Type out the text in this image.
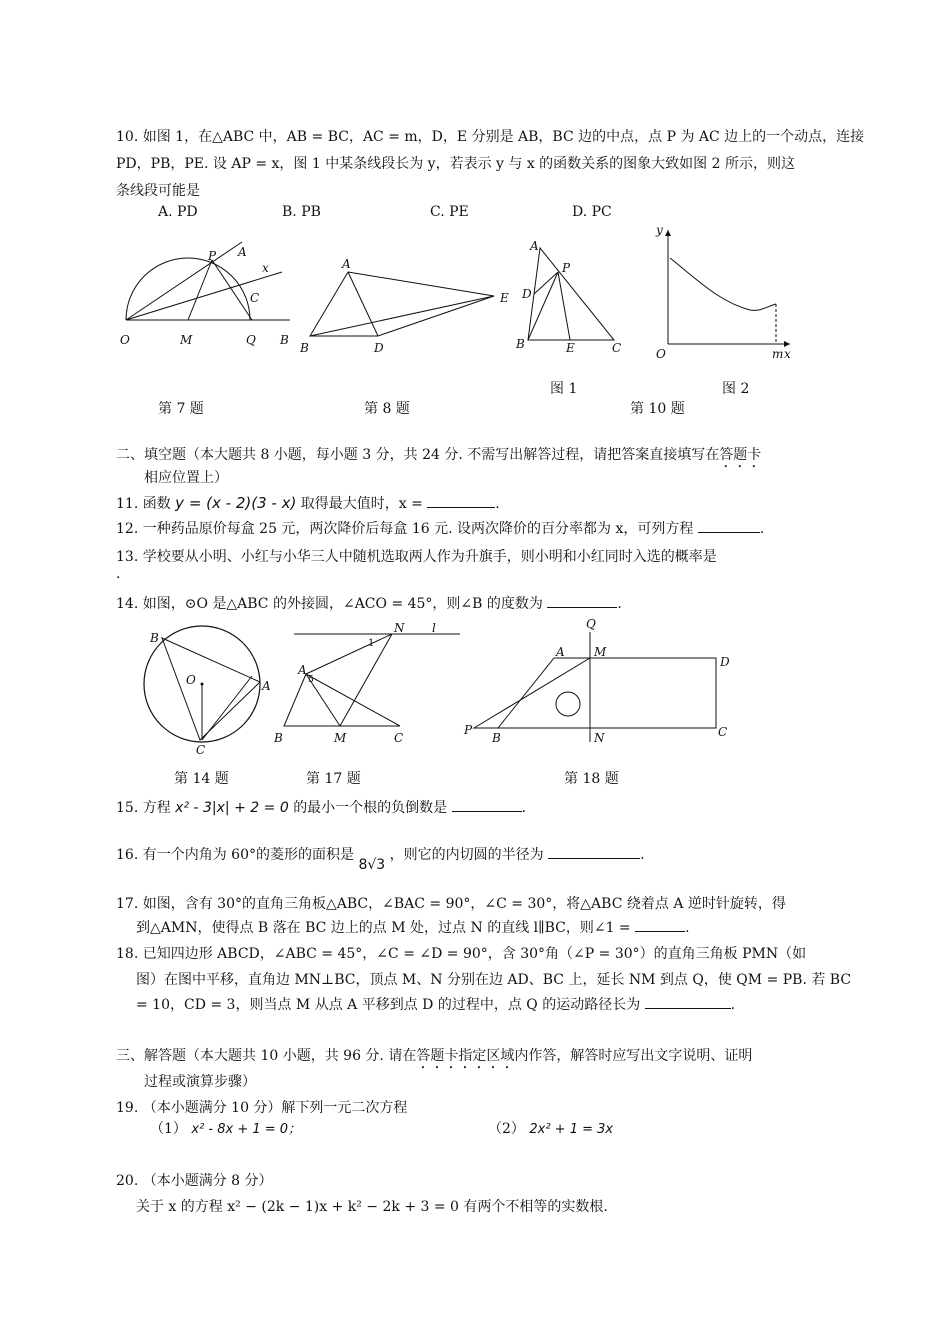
10. 如图 1，在△ABC 中，AB = BC，AC = m，D，E 分别是 AB，BC 边的中点，点 P 为 AC 边上的一个动点，连接
PD，PB，PE. 设 AP = x，图 1 中某条线段长为 y，若表示 y 与 x 的函数关系的图象大致如图 2 所示，则这
条线段可能是
A. PD	B. PB	C. PE	D. PC
A
P
x
C
O	M	Q B
A
E
B	D
A
P
D
B	E	C
y
O	m x
图 1	图 2
第 7 题	第 8 题	第 10 题
二、填空题（本大题共 8 小题，每小题 3 分，共 24 分. 不需写出解答过程，请把答案直接填写在答题卡
相应位置上）
11. 函数 y = (x - 2)(3 - x) 取得最大值时，x =	.
12. 一种药品原价每盒 25 元，两次降价后每盒 16 元. 设两次降价的百分率都为 x，可列方程	.
13. 学校要从小明、小红与小华三人中随机选取两人作为升旗手，则小明和小红同时入选的概率是
.
14. 如图，⊙O 是△ABC 的外接圆，∠ACO = 45°，则∠B 的度数为	.
B
O	A
C
N l
1
A
5
B	M	C
Q
A M
D
P
B	N	C
第 14 题	第 17 题	第 18 题
15. 方程 x² - 3|x| + 2 = 0 的最小一个根的负倒数是	.
16. 有一个内角为 60°的菱形的面积是 8√3 ，则它的内切圆的半径为	.
17. 如图，含有 30°的直角三角板△ABC，∠BAC = 90°，∠C = 30°，将△ABC 绕着点 A 逆时针旋转，得
到△AMN，使得点 B 落在 BC 边上的点 M 处，过点 N 的直线 l∥BC，则∠1 =	.
18. 已知四边形 ABCD，∠ABC = 45°，∠C = ∠D = 90°，含 30°角（∠P = 30°）的直角三角板 PMN（如
图）在图中平移，直角边 MN⊥BC，顶点 M、N 分别在边 AD、BC 上，延长 NM 到点 Q，使 QM = PB. 若 BC
= 10，CD = 3，则当点 M 从点 A 平移到点 D 的过程中，点 Q 的运动路径长为	.
三、解答题（本大题共 10 小题，共 96 分. 请在答题卡指定区域内作答，解答时应写出文字说明、证明
过程或演算步骤）
19. （本小题满分 10 分）解下列一元二次方程
（1） x² - 8x + 1 = 0；	（2） 2x² + 1 = 3x
20. （本小题满分 8 分）
关于 x 的方程 x² − (2k − 1)x + k² − 2k + 3 = 0 有两个不相等的实数根.
